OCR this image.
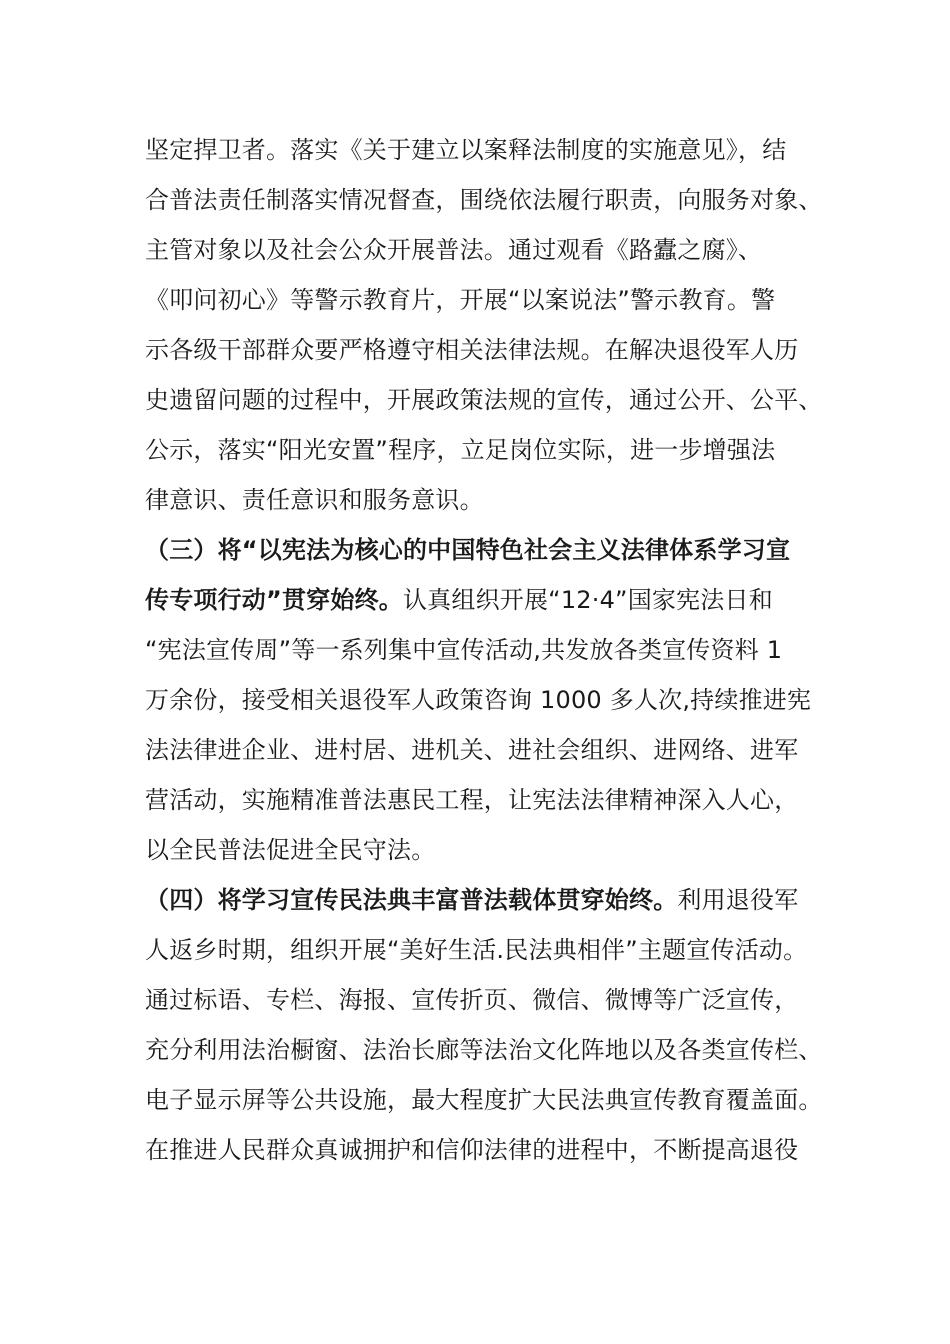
坚定捍卫者。落实《关于建立以案释法制度的实施意见》，结
合普法责任制落实情况督查，围绕依法履行职责，向服务对象、
主管对象以及社会公众开展普法。通过观看《路蠹之腐》、
《叩问初心》等警示教育片，开展“以案说法”警示教育。警
示各级干部群众要严格遵守相关法律法规。在解决退役军人历
史遗留问题的过程中，开展政策法规的宣传，通过公开、公平、
公示，落实“阳光安置”程序，立足岗位实际，进一步增强法
律意识、责任意识和服务意识。
（三）将“以宪法为核心的中国特色社会主义法律体系学习宣
传专项行动”贯穿始终。认真组织开展“12·4”国家宪法日和
“宪法宣传周”等一系列集中宣传活动,共发放各类宣传资料 1
万余份，接受相关退役军人政策咨询 1000 多人次,持续推进宪
法法律进企业、进村居、进机关、进社会组织、进网络、进军
营活动，实施精准普法惠民工程，让宪法法律精神深入人心，
以全民普法促进全民守法。
（四）将学习宣传民法典丰富普法载体贯穿始终。利用退役军
人返乡时期，组织开展“美好生活.民法典相伴”主题宣传活动。
通过标语、专栏、海报、宣传折页、微信、微博等广泛宣传，
充分利用法治橱窗、法治长廊等法治文化阵地以及各类宣传栏、
电子显示屏等公共设施，最大程度扩大民法典宣传教育覆盖面。
在推进人民群众真诚拥护和信仰法律的进程中，不断提高退役
